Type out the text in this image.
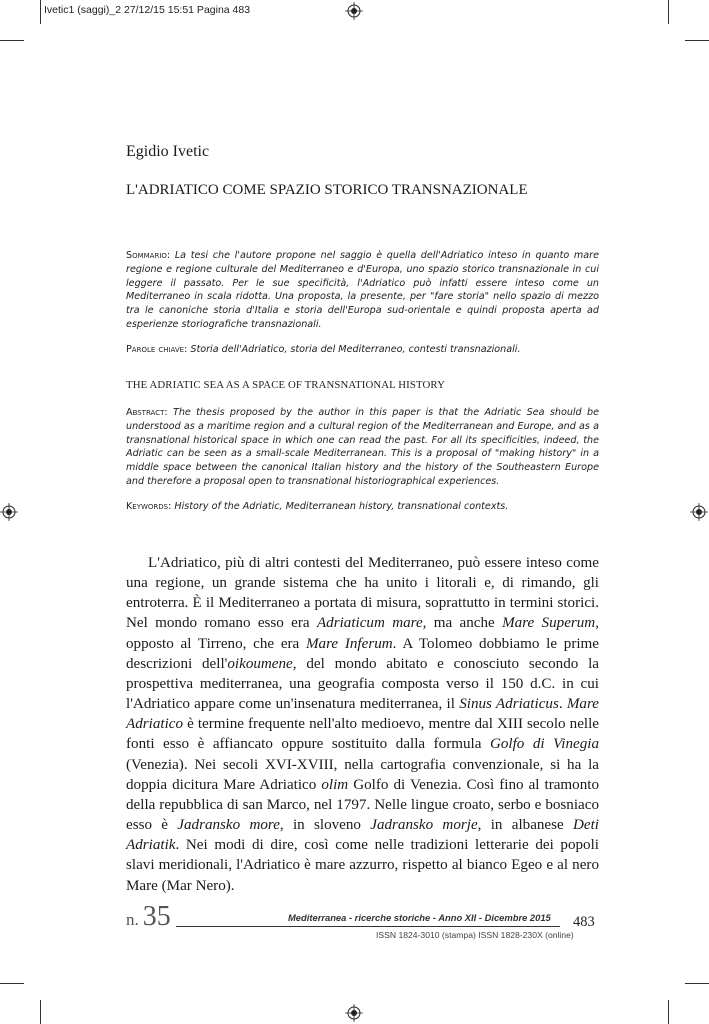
Ivetic1 (saggi)_2 27/12/15 15:51 Pagina 483
Egidio Ivetic
L'ADRIATICO COME SPAZIO STORICO TRANSNAZIONALE
Sommario: La tesi che l'autore propone nel saggio è quella dell'Adriatico inteso in quanto mare regione e regione culturale del Mediterraneo e d'Europa, uno spazio storico transnazionale in cui leggere il passato. Per le sue specificità, l'Adriatico può infatti essere inteso come un Mediterraneo in scala ridotta. Una proposta, la presente, per "fare storia" nello spazio di mezzo tra le canoniche storia d'Italia e storia dell'Europa sud-orientale e quindi proposta aperta ad esperienze storiografiche transnazionali.
Parole chiave: Storia dell'Adriatico, storia del Mediterraneo, contesti transnazionali.
THE ADRIATIC SEA AS A SPACE OF TRANSNATIONAL HISTORY
Abstract: The thesis proposed by the author in this paper is that the Adriatic Sea should be understood as a maritime region and a cultural region of the Mediterranean and Europe, and as a transnational historical space in which one can read the past. For all its specificities, indeed, the Adriatic can be seen as a small-scale Mediterranean. This is a proposal of "making history" in a middle space between the canonical Italian history and the history of the Southeastern Europe and therefore a proposal open to transnational historiographical experiences.
Keywords: History of the Adriatic, Mediterranean history, transnational contexts.

L'Adriatico, più di altri contesti del Mediterraneo, può essere inteso come una regione, un grande sistema che ha unito i litorali e, di rimando, gli entroterra. È il Mediterraneo a portata di misura, soprattutto in termini storici. Nel mondo romano esso era Adriaticum mare, ma anche Mare Superum, opposto al Tirreno, che era Mare Inferum. A Tolomeo dobbiamo le prime descrizioni dell'oikoumene, del mondo abitato e conosciuto secondo la prospettiva mediterranea, una geografia composta verso il 150 d.C. in cui l'Adriatico appare come un'insenatura mediterranea, il Sinus Adriaticus. Mare Adriatico è termine frequente nell'alto medioevo, mentre dal XIII secolo nelle fonti esso è affiancato oppure sostituito dalla formula Golfo di Vinegia (Venezia). Nei secoli XVI-XVIII, nella cartografia convenzionale, si ha la doppia dicitura Mare Adriatico olim Golfo di Venezia. Così fino al tramonto della repubblica di san Marco, nel 1797. Nelle lingue croato, serbo e bosniaco esso è Jadransko more, in sloveno Jadransko morje, in albanese Deti Adriatik. Nei modi di dire, così come nelle tradizioni letterarie dei popoli slavi meridionali, l'Adriatico è mare azzurro, rispetto al bianco Egeo e al nero Mare (Mar Nero).

n. 35	Mediterranea - ricerche storiche - Anno XII - Dicembre 2015
ISSN 1824-3010 (stampa) ISSN 1828-230X (online)
483
